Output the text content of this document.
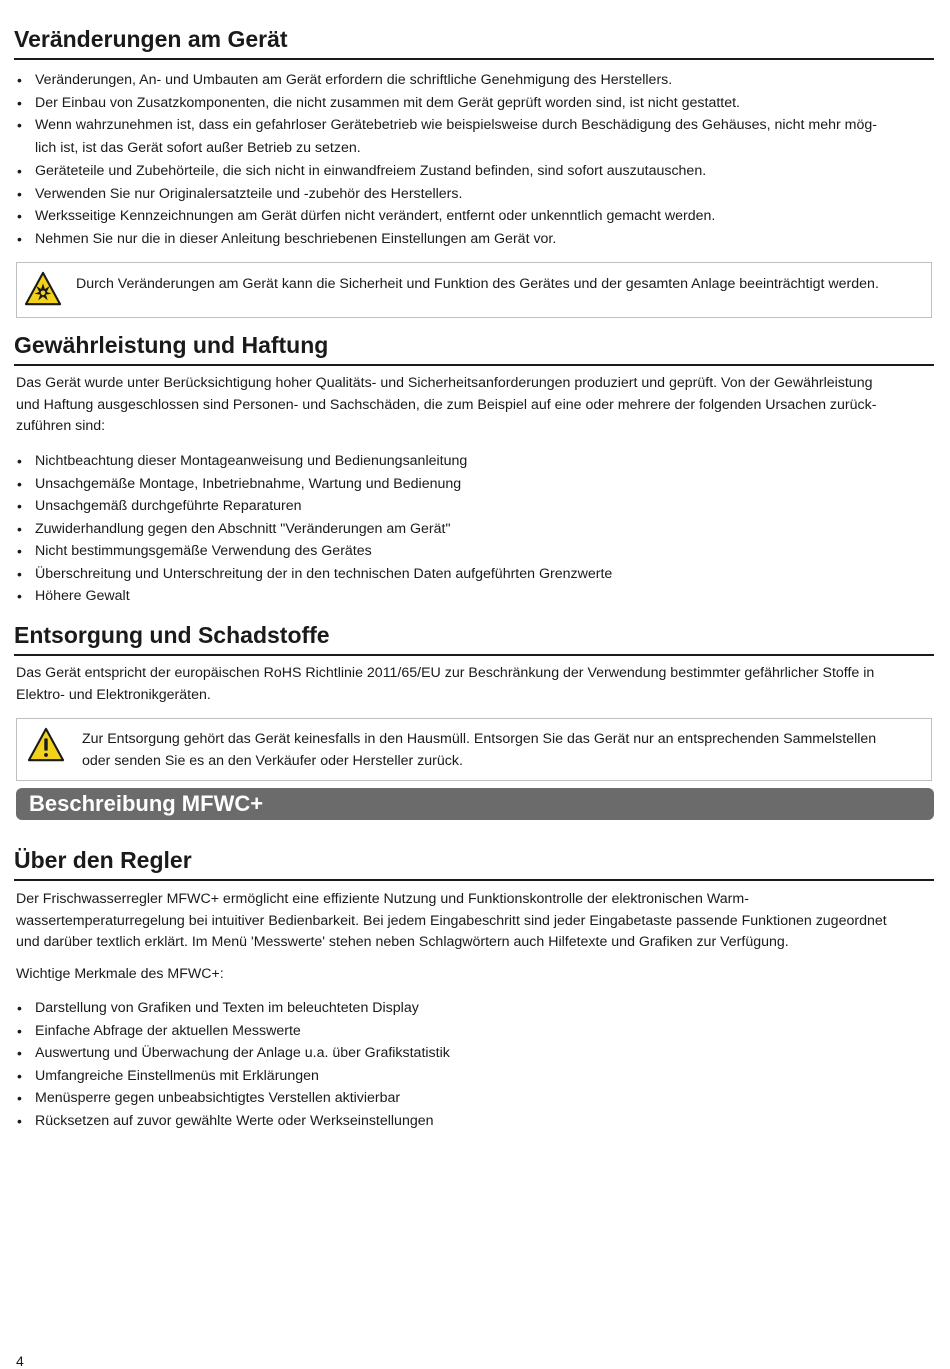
Veränderungen am Gerät
• Veränderungen, An- und Umbauten am Gerät erfordern die schriftliche Genehmigung des Herstellers.
• Der Einbau von Zusatzkomponenten, die nicht zusammen mit dem Gerät geprüft worden sind, ist nicht gestattet.
• Wenn wahrzunehmen ist, dass ein gefahrloser Gerätebetrieb wie beispielsweise durch Beschädigung des Gehäuses, nicht mehr mög-
lich ist, ist das Gerät sofort außer Betrieb zu setzen.
• Geräteteile und Zubehörteile, die sich nicht in einwandfreiem Zustand befinden, sind sofort auszutauschen.
• Verwenden Sie nur Originalersatzteile und -zubehör des Herstellers.
• Werksseitige Kennzeichnungen am Gerät dürfen nicht verändert, entfernt oder unkenntlich gemacht werden.
• Nehmen Sie nur die in dieser Anleitung beschriebenen Einstellungen am Gerät vor.
Durch Veränderungen am Gerät kann die Sicherheit und Funktion des Gerätes und der gesamten Anlage beeinträchtigt werden.
Gewährleistung und Haftung

Das Gerät wurde unter Berücksichtigung hoher Qualitäts- und Sicherheitsanforderungen produziert und geprüft. Von der Gewährleistung
und Haftung ausgeschlossen sind Personen- und Sachschäden, die zum Beispiel auf eine oder mehrere der folgenden Ursachen zurück-
zuführen sind:

• Nichtbeachtung dieser Montageanweisung und Bedienungsanleitung
• Unsachgemäße Montage, Inbetriebnahme, Wartung und Bedienung
• Unsachgemäß durchgeführte Reparaturen
• Zuwiderhandlung gegen den Abschnitt "Veränderungen am Gerät"
• Nicht bestimmungsgemäße Verwendung des Gerätes
• Überschreitung und Unterschreitung der in den technischen Daten aufgeführten Grenzwerte
• Höhere Gewalt
Entsorgung und Schadstoffe

Das Gerät entspricht der europäischen RoHS Richtlinie 2011/65/EU zur Beschränkung der Verwendung bestimmter gefährlicher Stoffe in
Elektro- und Elektronikgeräten.

Zur Entsorgung gehört das Gerät keinesfalls in den Hausmüll. Entsorgen Sie das Gerät nur an entsprechenden Sammelstellen
oder senden Sie es an den Verkäufer oder Hersteller zurück.
Beschreibung MFWC+
Über den Regler

Der Frischwasserregler MFWC+ ermöglicht eine effiziente Nutzung und Funktionskontrolle der elektronischen Warm-
wassertemperaturregelung bei intuitiver Bedienbarkeit. Bei jedem Eingabeschritt sind jeder Eingabetaste passende Funktionen zugeordnet
und darüber textlich erklärt. Im Menü 'Messwerte' stehen neben Schlagwörtern auch Hilfetexte und Grafiken zur Verfügung.

Wichtige Merkmale des MFWC+:

• Darstellung von Grafiken und Texten im beleuchteten Display
• Einfache Abfrage der aktuellen Messwerte
• Auswertung und Überwachung der Anlage u.a. über Grafikstatistik
• Umfangreiche Einstellmenüs mit Erklärungen
• Menüsperre gegen unbeabsichtigtes Verstellen aktivierbar
• Rücksetzen auf zuvor gewählte Werte oder Werkseinstellungen
4
